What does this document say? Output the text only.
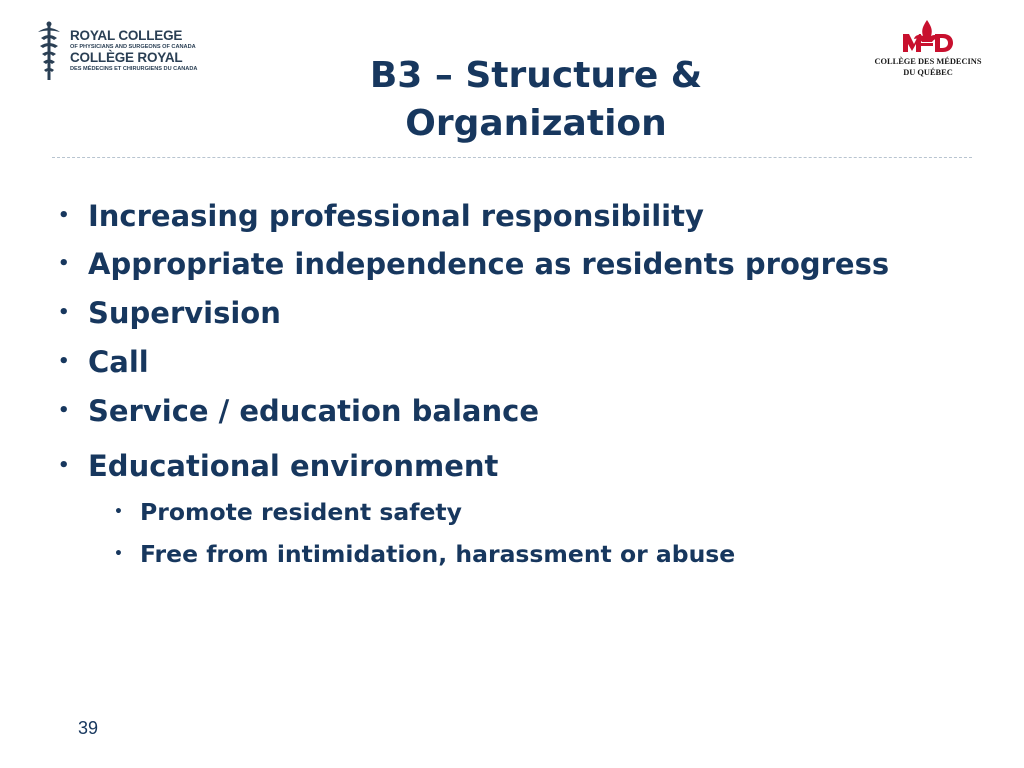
ROYAL COLLEGE
OF PHYSICIANS AND SURGEONS OF CANADA
COLLÈGE ROYAL
DES MÉDECINS ET CHIRURGIENS DU CANADA
COLLÈGE DES MÉDECINS
DU QUÉBEC
B3 – Structure &
Organization
• Increasing professional responsibility
• Appropriate independence as residents progress
• Supervision
• Call
• Service / education balance
• Educational environment
• Promote resident safety
• Free from intimidation, harassment or abuse
39
